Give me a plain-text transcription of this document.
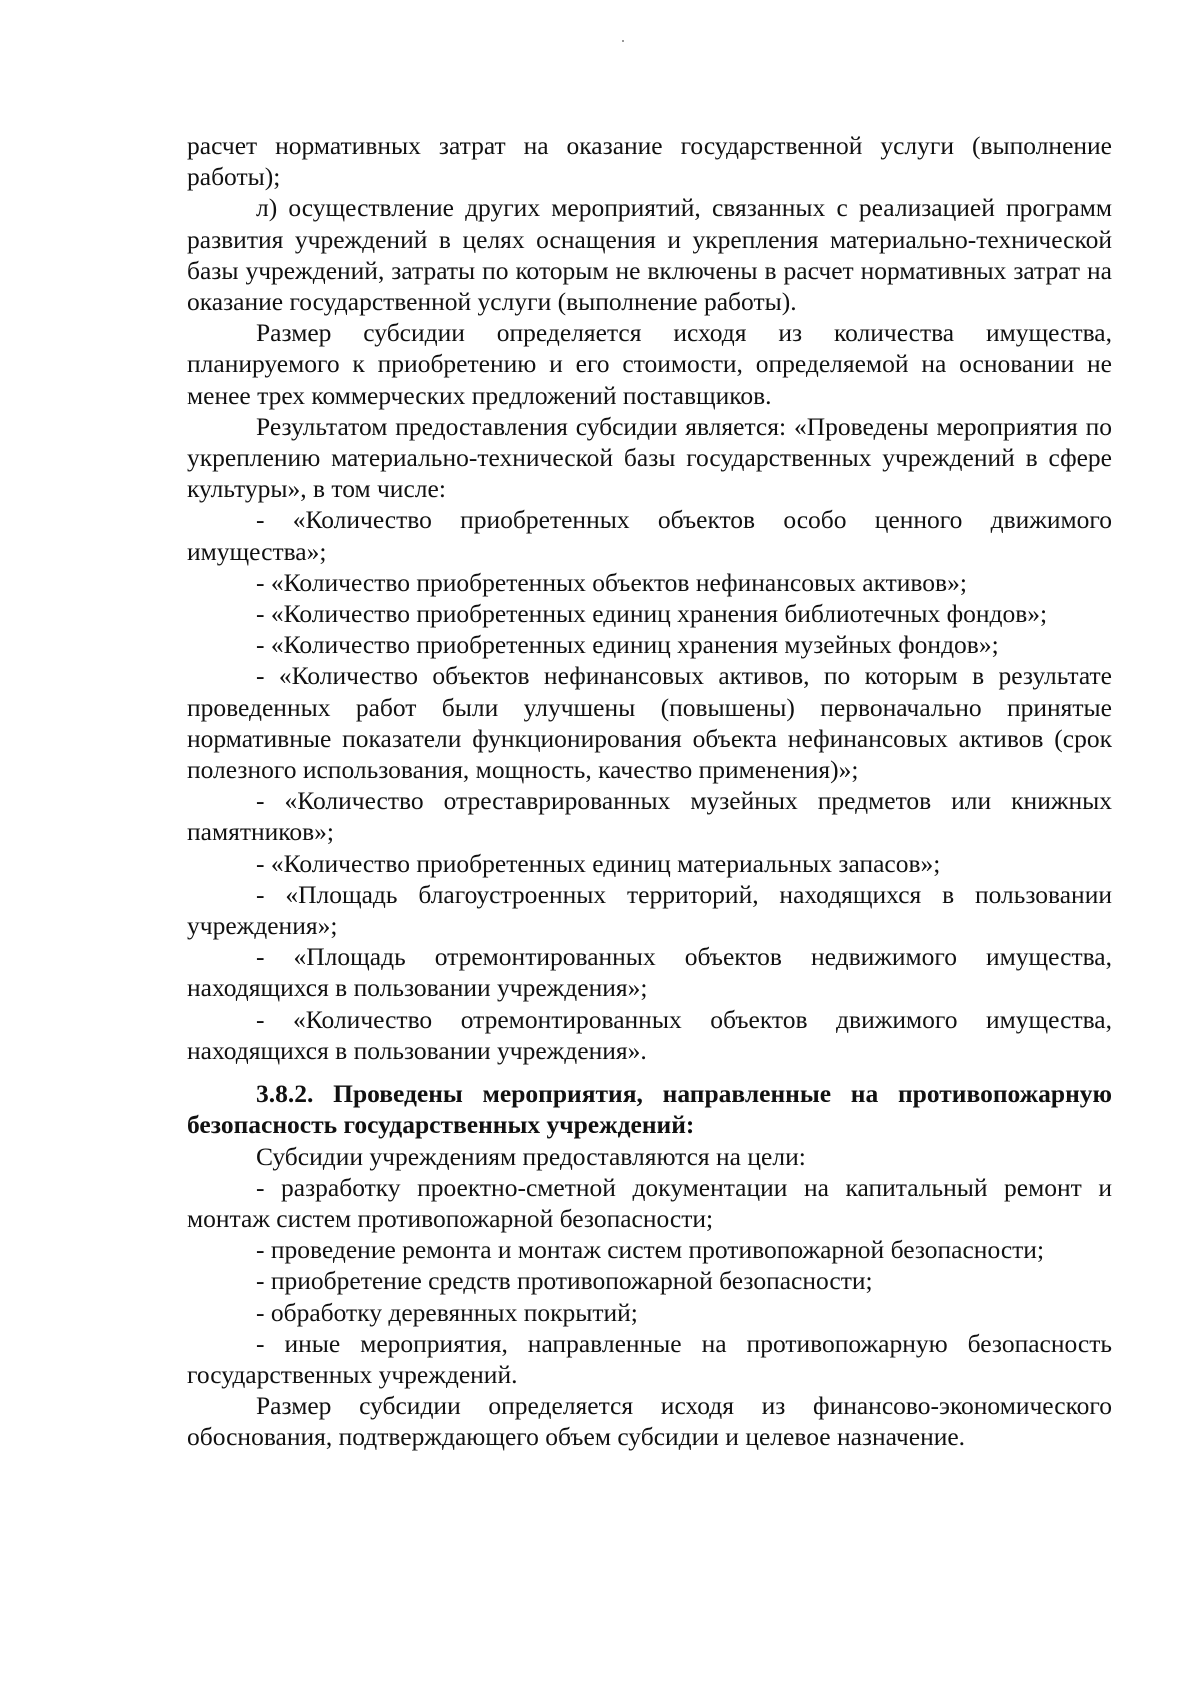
расчет нормативных затрат на оказание государственной услуги (выполнение работы);

л) осуществление других мероприятий, связанных с реализацией программ развития учреждений в целях оснащения и укрепления материально-технической базы учреждений, затраты по которым не включены в расчет нормативных затрат на оказание государственной услуги (выполнение работы).

Размер субсидии определяется исходя из количества имущества, планируемого к приобретению и его стоимости, определяемой на основании не менее трех коммерческих предложений поставщиков.

Результатом предоставления субсидии является: «Проведены мероприятия по укреплению материально-технической базы государственных учреждений в сфере культуры», в том числе:

- «Количество приобретенных объектов особо ценного движимого имущества»;

- «Количество приобретенных объектов нефинансовых активов»;

- «Количество приобретенных единиц хранения библиотечных фондов»;

- «Количество приобретенных единиц хранения музейных фондов»;

- «Количество объектов нефинансовых активов, по которым в результате проведенных работ были улучшены (повышены) первоначально принятые нормативные показатели функционирования объекта нефинансовых активов (срок полезного использования, мощность, качество применения)»;

- «Количество отреставрированных музейных предметов или книжных памятников»;

- «Количество приобретенных единиц материальных запасов»;

- «Площадь благоустроенных территорий, находящихся в пользовании учреждения»;

- «Площадь отремонтированных объектов недвижимого имущества, находящихся в пользовании учреждения»;

- «Количество отремонтированных объектов движимого имущества, находящихся в пользовании учреждения».

3.8.2. Проведены мероприятия, направленные на противопожарную безопасность государственных учреждений:

Субсидии учреждениям предоставляются на цели:

- разработку проектно-сметной документации на капитальный ремонт и монтаж систем противопожарной безопасности;

- проведение ремонта и монтаж систем противопожарной безопасности;

- приобретение средств противопожарной безопасности;

- обработку деревянных покрытий;

- иные мероприятия, направленные на противопожарную безопасность государственных учреждений.

Размер субсидии определяется исходя из финансово-экономического обоснования, подтверждающего объем субсидии и целевое назначение.
